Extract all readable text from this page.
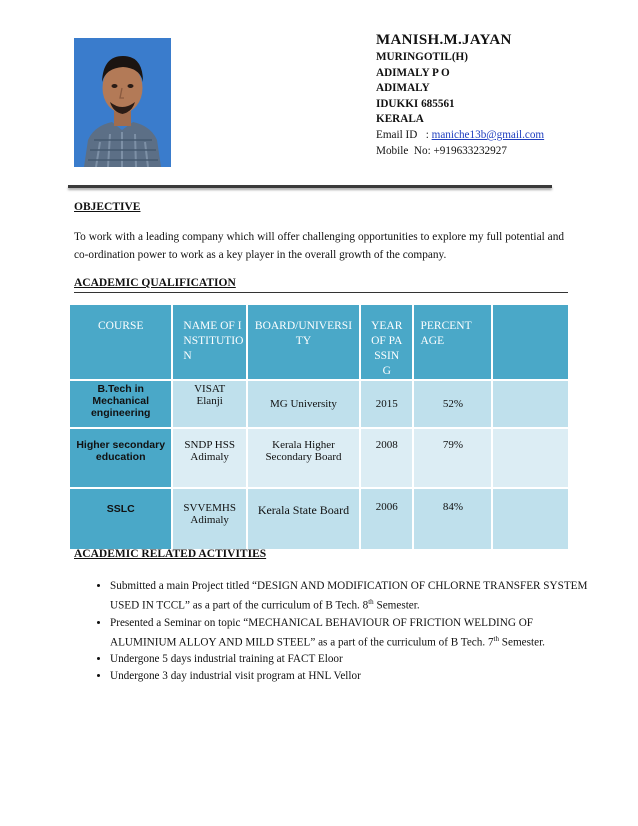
MANISH.M.JAYAN
MURINGOTIL(H)
ADIMALY P O
ADIMALY
IDUKKI 685561
KERALA
Email ID   : maniche13b@gmail.com
Mobile  No: +919633232927
OBJECTIVE
To work with a leading company which will offer challenging opportunities to explore my full potential and co-ordination power to work as a key player in the overall growth of the company.
ACADEMIC QUALIFICATION
COURSE	NAME OF INSTITUTION	BOARD/UNIVERSITY	YEAR OF PASSING	PERCENTAGE	
B.Tech in Mechanical engineering	VISAT Elanji	MG University	2015	52%	
Higher secondary education	SNDP HSS Adimaly	Kerala Higher Secondary Board	2008	79%	
SSLC	SVVEMHS Adimaly	Kerala State Board	2006	84%	
ACADEMIC RELATED ACTIVITIES
• Submitted a main Project titled “DESIGN AND MODIFICATION OF CHLORNE TRANSFER SYSTEM USED IN TCCL” as a part of the curriculum of B Tech. 8th Semester.
• Presented a Seminar on topic “MECHANICAL BEHAVIOUR OF FRICTION WELDING OF ALUMINIUM ALLOY AND MILD STEEL” as a part of the curriculum of B Tech. 7th Semester.
• Undergone 5 days industrial training at FACT Eloor
• Undergone 3 day industrial visit program at HNL Vellor
